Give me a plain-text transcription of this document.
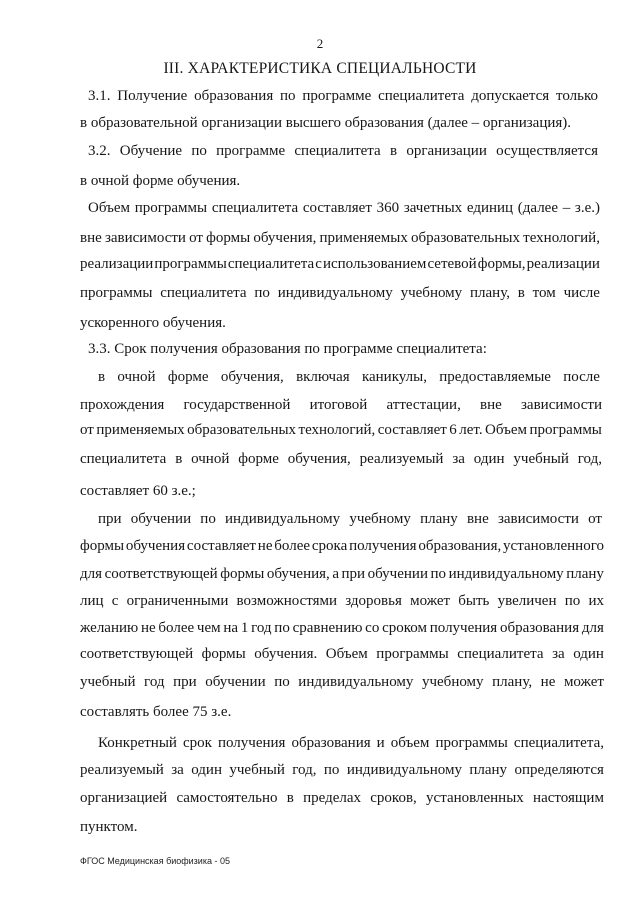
2
III. ХАРАКТЕРИСТИКА СПЕЦИАЛЬНОСТИ
3.1. Получение образования по программе специалитета допускается только
в образовательной организации высшего образования (далее – организация).
3.2. Обучение по программе специалитета в организации осуществляется
в очной форме обучения.
Объем программы специалитета составляет 360 зачетных единиц (далее – з.е.)
вне зависимости от формы обучения, применяемых образовательных технологий,
реализации программы специалитета с использованием сетевой формы, реализации
программы специалитета по индивидуальному учебному плану, в том числе
ускоренного обучения.
3.3. Срок получения образования по программе специалитета:
в очной форме обучения, включая каникулы, предоставляемые после
прохождения государственной итоговой аттестации, вне зависимости
от применяемых образовательных технологий, составляет 6 лет. Объем программы
специалитета в очной форме обучения, реализуемый за один учебный год,
составляет 60 з.е.;
при обучении по индивидуальному учебному плану вне зависимости от
формы обучения составляет не более срока получения образования, установленного
для соответствующей формы обучения, а при обучении по индивидуальному плану
лиц с ограниченными возможностями здоровья может быть увеличен по их
желанию не более чем на 1 год по сравнению со сроком получения образования для
соответствующей формы обучения. Объем программы специалитета за один
учебный год при обучении по индивидуальному учебному плану, не может
составлять более 75 з.е.
Конкретный срок получения образования и объем программы специалитета,
реализуемый за один учебный год, по индивидуальному плану определяются
организацией самостоятельно в пределах сроков, установленных настоящим
пунктом.
ФГОС Медицинская биофизика - 05
